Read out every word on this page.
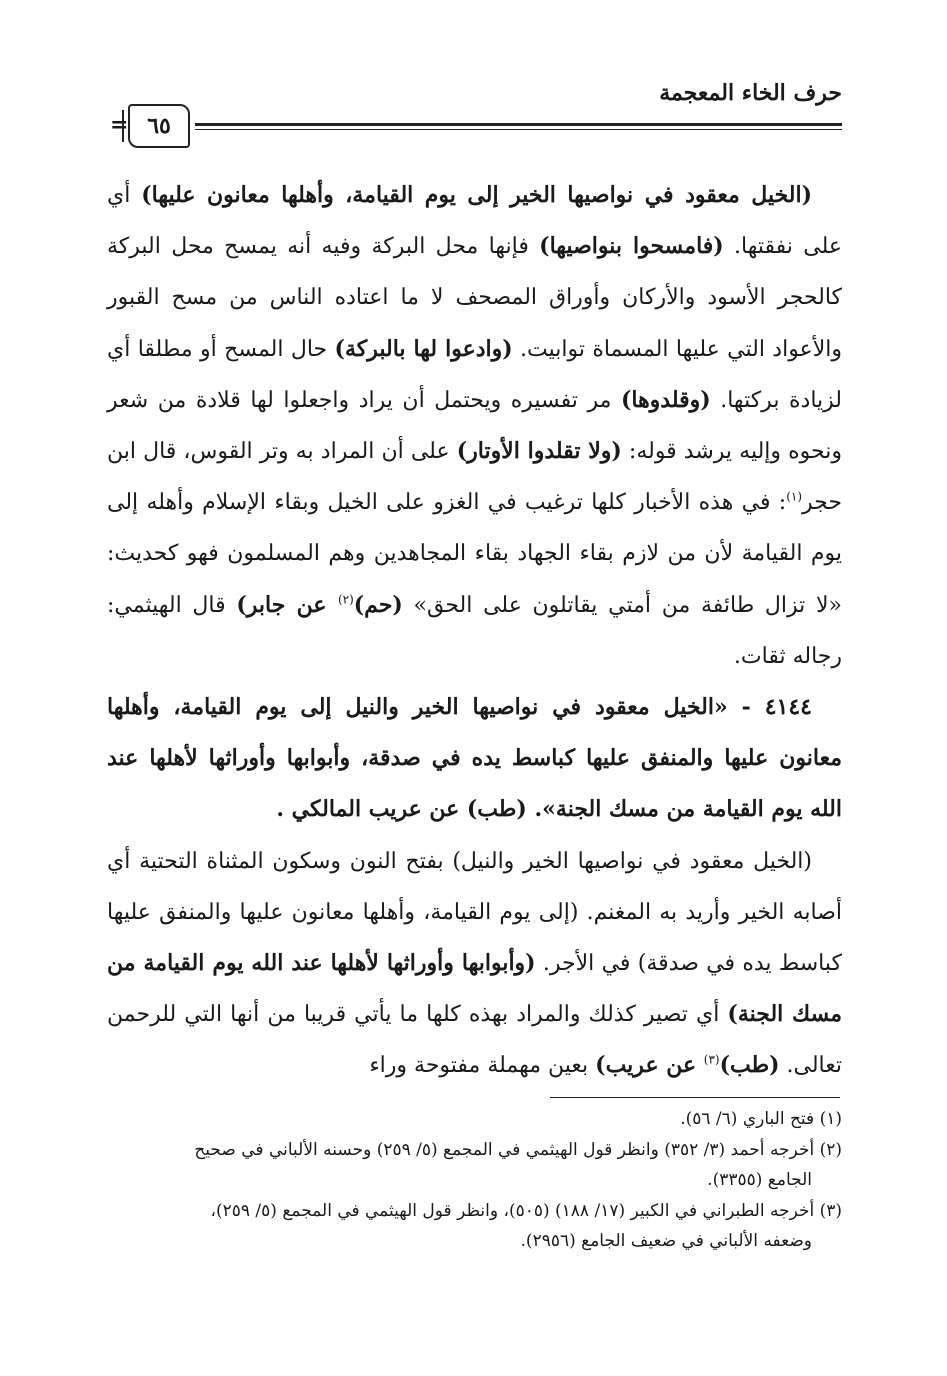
حرف الخاء المعجمة
= ٦٥

(الخيل معقود في نواصيها الخير إلى يوم القيامة، وأهلها معانون عليها) أي على نفقتها. (فامسحوا بنواصيها) فإنها محل البركة وفيه أنه يمسح محل البركة كالحجر الأسود والأركان وأوراق المصحف لا ما اعتاده الناس من مسح القبور والأعواد التي عليها المسماة توابيت. (وادعوا لها بالبركة) حال المسح أو مطلقا أي لزيادة بركتها. (وقلدوها) مر تفسيره ويحتمل أن يراد واجعلوا لها قلادة من شعر ونحوه وإليه يرشد قوله: (ولا تقلدوا الأوتار) على أن المراد به وتر القوس، قال ابن حجر$^{(١)}$: في هذه الأخبار كلها ترغيب في الغزو على الخيل وبقاء الإسلام وأهله إلى يوم القيامة لأن من لازم بقاء الجهاد بقاء المجاهدين وهم المسلمون فهو كحديث: «لا تزال طائفة من أمتي يقاتلون على الحق» (حم)$^{(٢)}$ عن جابر) قال الهيثمي: رجاله ثقات.

٤١٤٤ - «الخيل معقود في نواصيها الخير والنيل إلى يوم القيامة، وأهلها معانون عليها والمنفق عليها كباسط يده في صدقة، وأبوابها وأوراثها لأهلها عند الله يوم القيامة من مسك الجنة». (طب) عن عريب المالكي .

(الخيل معقود في نواصيها الخير والنيل) بفتح النون وسكون المثناة التحتية أي أصابه الخير وأريد به المغنم. (إلى يوم القيامة، وأهلها معانون عليها والمنفق عليها كباسط يده في صدقة) في الأجر. (وأبوابها وأوراثها لأهلها عند الله يوم القيامة من مسك الجنة) أي تصير كذلك والمراد بهذه كلها ما يأتي قريبا من أنها التي للرحمن تعالى. (طب)$^{(٣)}$ عن عريب) بعين مهملة مفتوحة وراء

(١) فتح الباري (٦/ ٥٦).

(٢) أخرجه أحمد (٣/ ٣٥٢) وانظر قول الهيثمي في المجمع (٥/ ٢٥٩) وحسنه الألباني في صحيح

الجامع (٣٣٥٥).

(٣) أخرجه الطبراني في الكبير (١٧/ ١٨٨) (٥٠٥)، وانظر قول الهيثمي في المجمع (٥/ ٢٥٩)،

وضعفه الألباني في ضعيف الجامع (٢٩٥٦).
